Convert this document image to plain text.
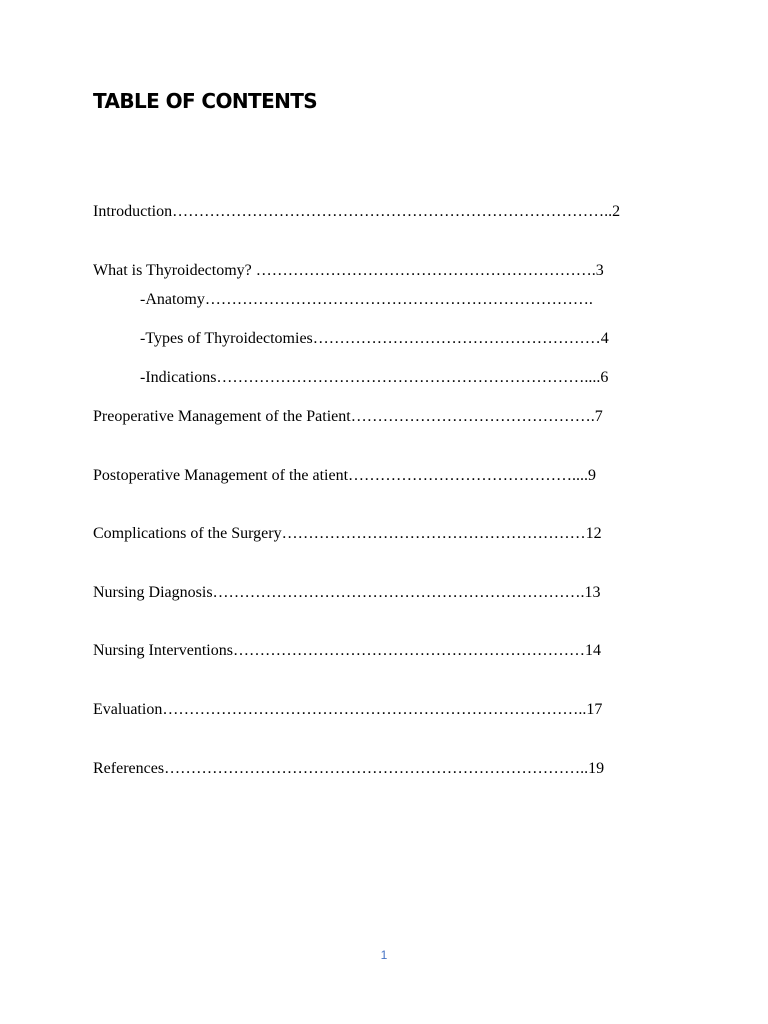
TABLE OF CONTENTS

Introduction………………………………………………………………………..2

What is Thyroidectomy? ……………………………………………………….3

-Anatomy……………………………………………………………….

-Types of Thyroidectomies………………………………………………4

-Indications……………………………………………………………....6

Preoperative Management of the Patient……………………………………….7

Postoperative Management of the atient……………………………………....9

Complications of the Surgery…………………………………………………12

Nursing Diagnosis…………………………………………………………….13

Nursing Interventions…………………………………………………………14

Evaluation……………………………………………………………………..17

References……………………………………………………………………..19

1
